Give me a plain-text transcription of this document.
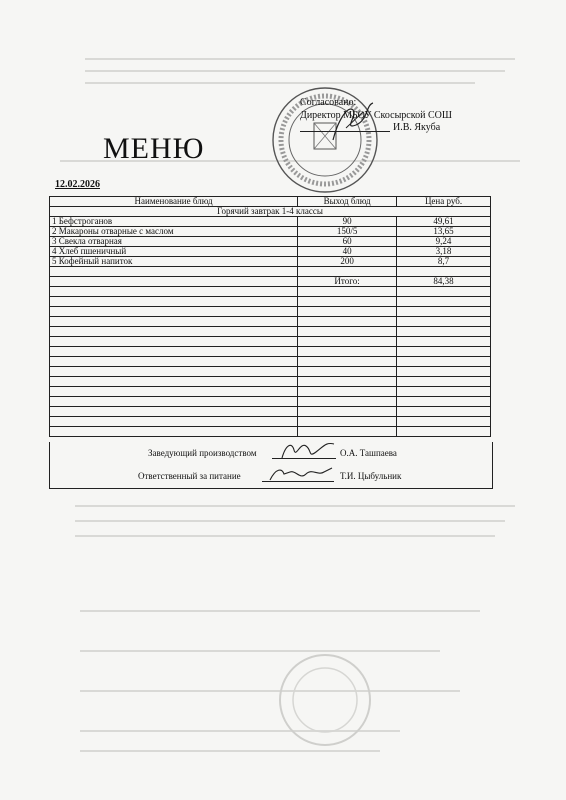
Согласовано:
Директор МБОУ Скосырской СОШ
И.В. Якуба
МЕНЮ
12.02.2026
Наименование блюд	Выход блюд	Цена руб.
Горячий завтрак 1-4 классы		
1 Бефстроганов	90	49,61
2 Макароны отварные с маслом	150/5	13,65
3 Свекла отварная	60	9,24
4 Хлеб пшеничный	40	3,18
5 Кофейный напиток	200	8,7

	Итого:	84,38

Заведующий производством	О.А. Ташпаева
Ответственный за питание	Т.И. Цыбульник
